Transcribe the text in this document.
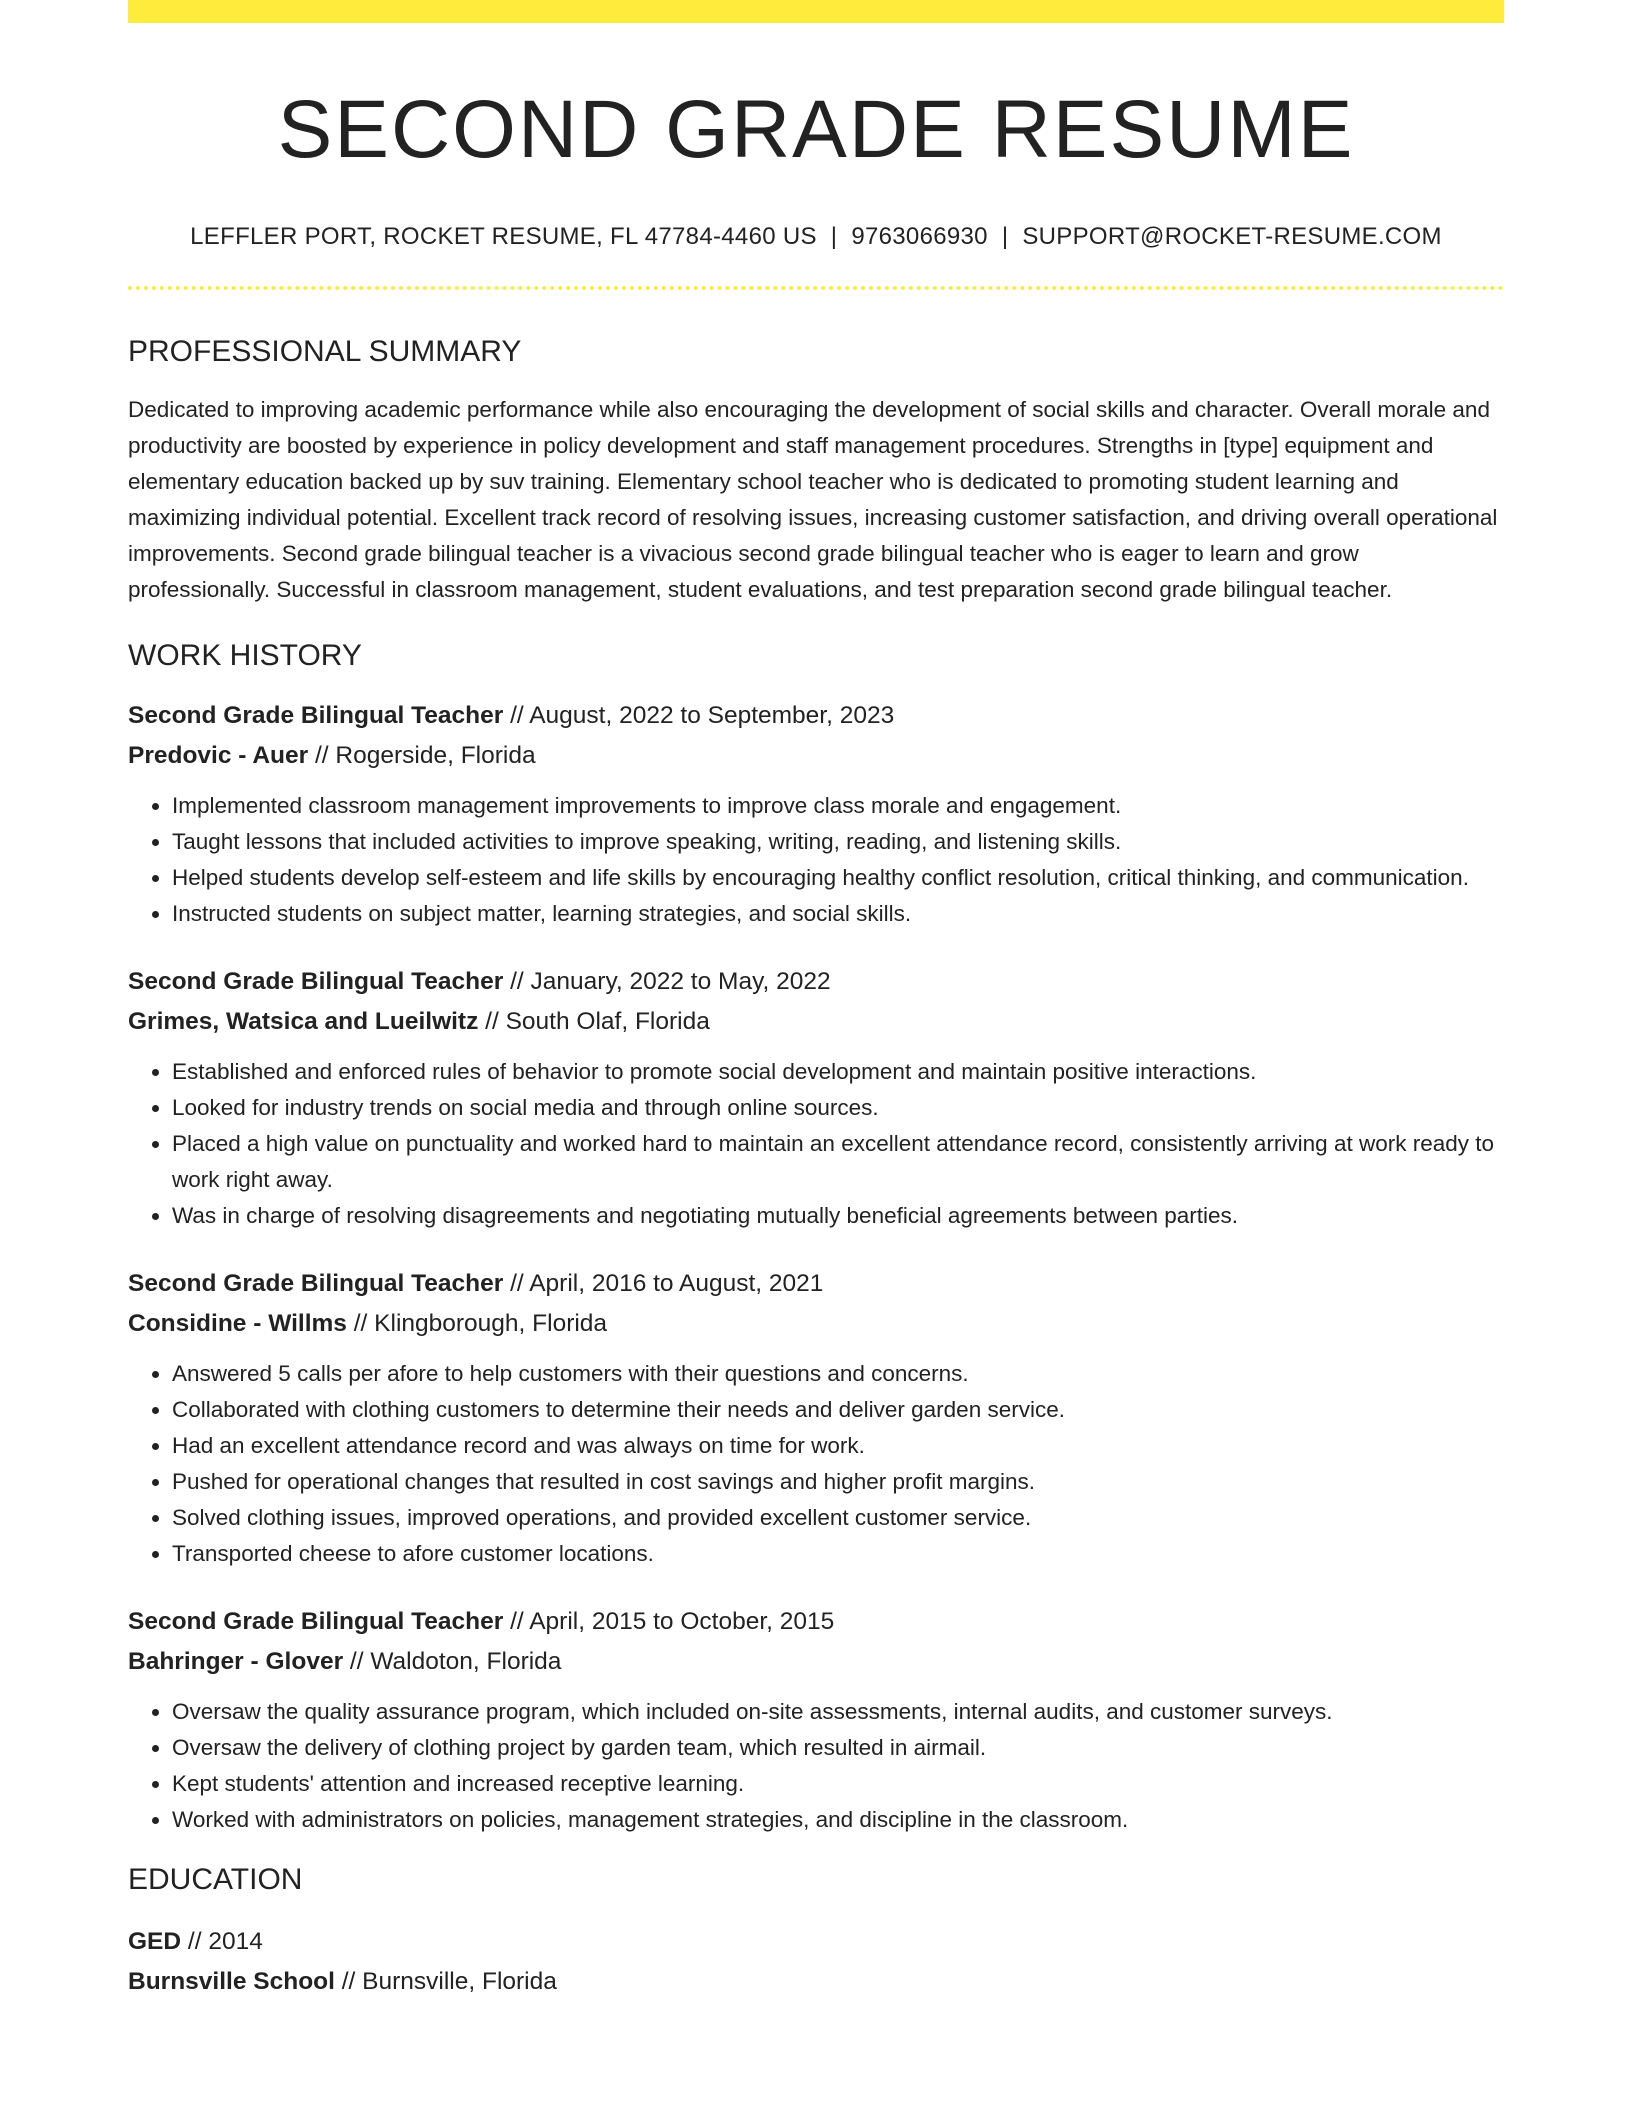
SECOND GRADE RESUME
LEFFLER PORT, ROCKET RESUME, FL 47784-4460 US | 9763066930 | SUPPORT@ROCKET-RESUME.COM
PROFESSIONAL SUMMARY

Dedicated to improving academic performance while also encouraging the development of social skills and character. Overall morale and productivity are boosted by experience in policy development and staff management procedures. Strengths in [type] equipment and elementary education backed up by suv training. Elementary school teacher who is dedicated to promoting student learning and maximizing individual potential. Excellent track record of resolving issues, increasing customer satisfaction, and driving overall operational improvements. Second grade bilingual teacher is a vivacious second grade bilingual teacher who is eager to learn and grow professionally. Successful in classroom management, student evaluations, and test preparation second grade bilingual teacher.

WORK HISTORY
Second Grade Bilingual Teacher // August, 2022 to September, 2023
Predovic - Auer // Rogerside, Florida
• Implemented classroom management improvements to improve class morale and engagement.
• Taught lessons that included activities to improve speaking, writing, reading, and listening skills.
• Helped students develop self-esteem and life skills by encouraging healthy conflict resolution, critical thinking, and communication.
• Instructed students on subject matter, learning strategies, and social skills.
Second Grade Bilingual Teacher // January, 2022 to May, 2022
Grimes, Watsica and Lueilwitz // South Olaf, Florida
• Established and enforced rules of behavior to promote social development and maintain positive interactions.
• Looked for industry trends on social media and through online sources.
• Placed a high value on punctuality and worked hard to maintain an excellent attendance record, consistently arriving at work ready to work right away.
• Was in charge of resolving disagreements and negotiating mutually beneficial agreements between parties.
Second Grade Bilingual Teacher // April, 2016 to August, 2021
Considine - Willms // Klingborough, Florida
• Answered 5 calls per afore to help customers with their questions and concerns.
• Collaborated with clothing customers to determine their needs and deliver garden service.
• Had an excellent attendance record and was always on time for work.
• Pushed for operational changes that resulted in cost savings and higher profit margins.
• Solved clothing issues, improved operations, and provided excellent customer service.
• Transported cheese to afore customer locations.
Second Grade Bilingual Teacher // April, 2015 to October, 2015
Bahringer - Glover // Waldoton, Florida
• Oversaw the quality assurance program, which included on-site assessments, internal audits, and customer surveys.
• Oversaw the delivery of clothing project by garden team, which resulted in airmail.
• Kept students' attention and increased receptive learning.
• Worked with administrators on policies, management strategies, and discipline in the classroom.
EDUCATION
GED // 2014
Burnsville School // Burnsville, Florida
